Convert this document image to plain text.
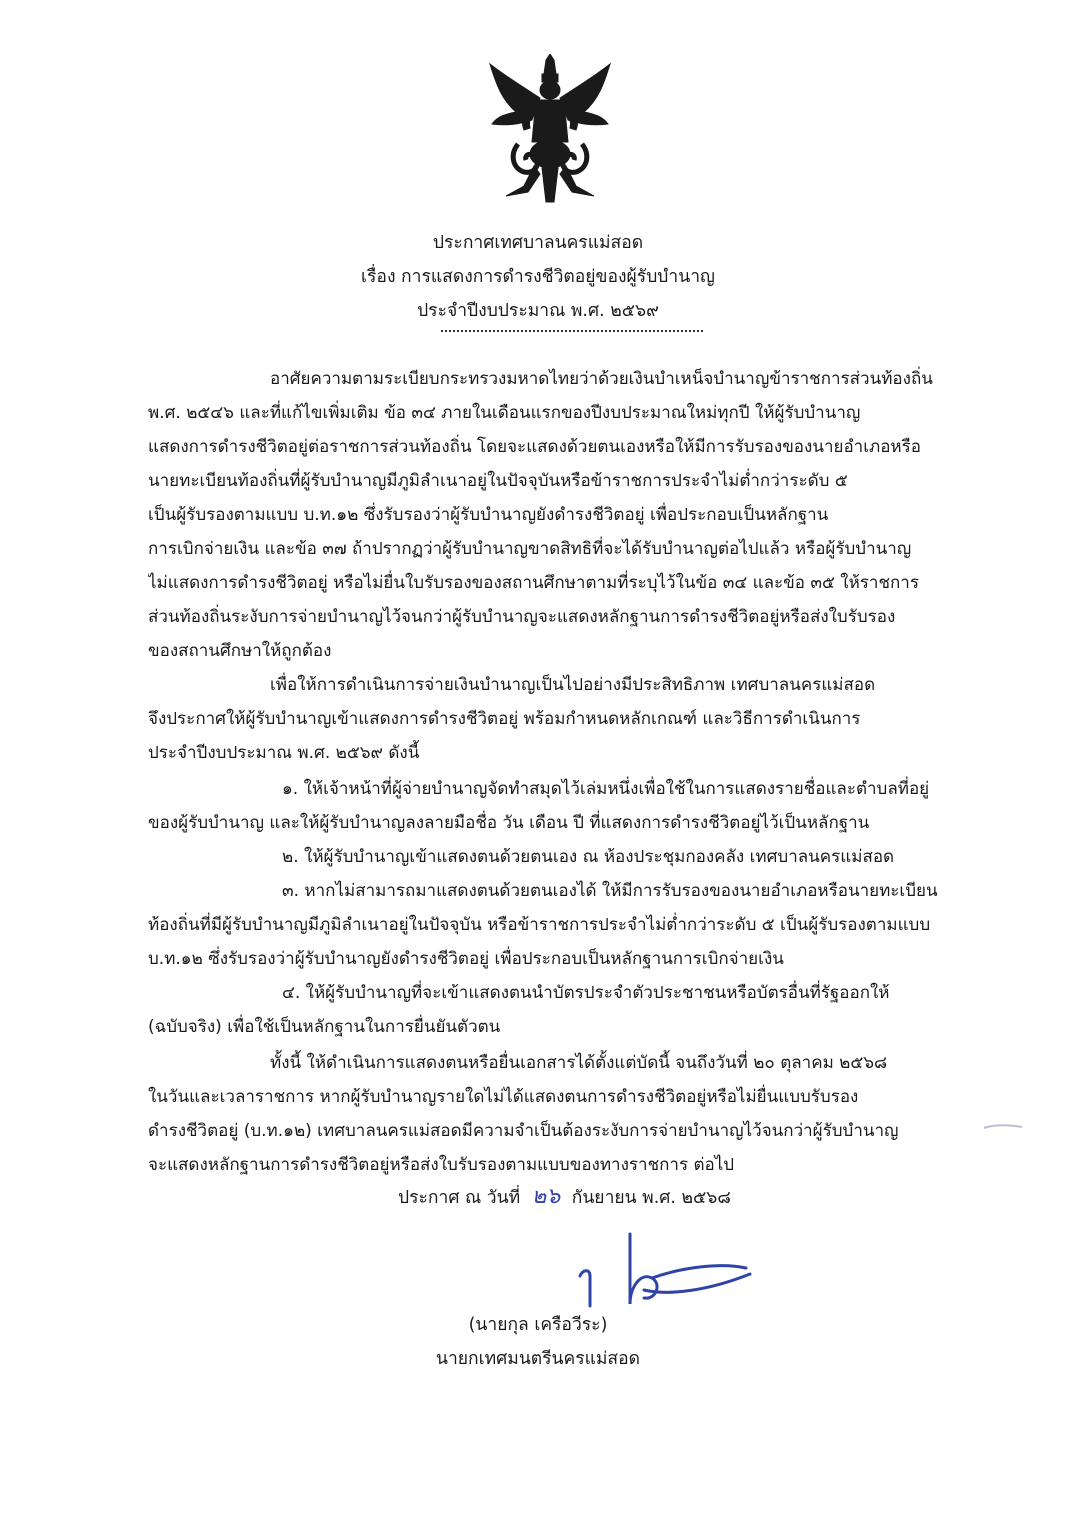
ประกาศเทศบาลนครแม่สอด
เรื่อง การแสดงการดำรงชีวิตอยู่ของผู้รับบำนาญ
ประจำปีงบประมาณ พ.ศ. ๒๕๖๙
อาศัยความตามระเบียบกระทรวงมหาดไทยว่าด้วยเงินบำเหน็จบำนาญข้าราชการส่วนท้องถิ่น
พ.ศ. ๒๕๔๖ และที่แก้ไขเพิ่มเติม ข้อ ๓๔ ภายในเดือนแรกของปีงบประมาณใหม่ทุกปี ให้ผู้รับบำนาญ
แสดงการดำรงชีวิตอยู่ต่อราชการส่วนท้องถิ่น โดยจะแสดงด้วยตนเองหรือให้มีการรับรองของนายอำเภอหรือ
นายทะเบียนท้องถิ่นที่ผู้รับบำนาญมีภูมิลำเนาอยู่ในปัจจุบันหรือข้าราชการประจำไม่ต่ำกว่าระดับ ๕
เป็นผู้รับรองตามแบบ บ.ท.๑๒ ซึ่งรับรองว่าผู้รับบำนาญยังดำรงชีวิตอยู่ เพื่อประกอบเป็นหลักฐาน
การเบิกจ่ายเงิน และข้อ ๓๗ ถ้าปรากฏว่าผู้รับบำนาญขาดสิทธิที่จะได้รับบำนาญต่อไปแล้ว หรือผู้รับบำนาญ
ไม่แสดงการดำรงชีวิตอยู่ หรือไม่ยื่นใบรับรองของสถานศึกษาตามที่ระบุไว้ในข้อ ๓๔ และข้อ ๓๕ ให้ราชการ
ส่วนท้องถิ่นระงับการจ่ายบำนาญไว้จนกว่าผู้รับบำนาญจะแสดงหลักฐานการดำรงชีวิตอยู่หรือส่งใบรับรอง
ของสถานศึกษาให้ถูกต้อง
เพื่อให้การดำเนินการจ่ายเงินบำนาญเป็นไปอย่างมีประสิทธิภาพ เทศบาลนครแม่สอด
จึงประกาศให้ผู้รับบำนาญเข้าแสดงการดำรงชีวิตอยู่ พร้อมกำหนดหลักเกณฑ์ และวิธีการดำเนินการ
ประจำปีงบประมาณ พ.ศ. ๒๕๖๙ ดังนี้
๑. ให้เจ้าหน้าที่ผู้จ่ายบำนาญจัดทำสมุดไว้เล่มหนึ่งเพื่อใช้ในการแสดงรายชื่อและตำบลที่อยู่
ของผู้รับบำนาญ และให้ผู้รับบำนาญลงลายมือชื่อ วัน เดือน ปี ที่แสดงการดำรงชีวิตอยู่ไว้เป็นหลักฐาน
๒. ให้ผู้รับบำนาญเข้าแสดงตนด้วยตนเอง ณ ห้องประชุมกองคลัง เทศบาลนครแม่สอด
๓. หากไม่สามารถมาแสดงตนด้วยตนเองได้ ให้มีการรับรองของนายอำเภอหรือนายทะเบียน
ท้องถิ่นที่มีผู้รับบำนาญมีภูมิลำเนาอยู่ในปัจจุบัน หรือข้าราชการประจำไม่ต่ำกว่าระดับ ๕ เป็นผู้รับรองตามแบบ
บ.ท.๑๒ ซึ่งรับรองว่าผู้รับบำนาญยังดำรงชีวิตอยู่ เพื่อประกอบเป็นหลักฐานการเบิกจ่ายเงิน
๔. ให้ผู้รับบำนาญที่จะเข้าแสดงตนนำบัตรประจำตัวประชาชนหรือบัตรอื่นที่รัฐออกให้
(ฉบับจริง) เพื่อใช้เป็นหลักฐานในการยื่นยันตัวตน
ทั้งนี้ ให้ดำเนินการแสดงตนหรือยื่นเอกสารได้ตั้งแต่บัดนี้ จนถึงวันที่ ๒๐ ตุลาคม ๒๕๖๘
ในวันและเวลาราชการ หากผู้รับบำนาญรายใดไม่ได้แสดงตนการดำรงชีวิตอยู่หรือไม่ยื่นแบบรับรอง
ดำรงชีวิตอยู่ (บ.ท.๑๒) เทศบาลนครแม่สอดมีความจำเป็นต้องระงับการจ่ายบำนาญไว้จนกว่าผู้รับบำนาญ
จะแสดงหลักฐานการดำรงชีวิตอยู่หรือส่งใบรับรองตามแบบของทางราชการ ต่อไป
ประกาศ ณ วันที่ ๒๖ กันยายน พ.ศ. ๒๕๖๘
(นายกุล เครือวีระ)
นายกเทศมนตรีนครแม่สอด
